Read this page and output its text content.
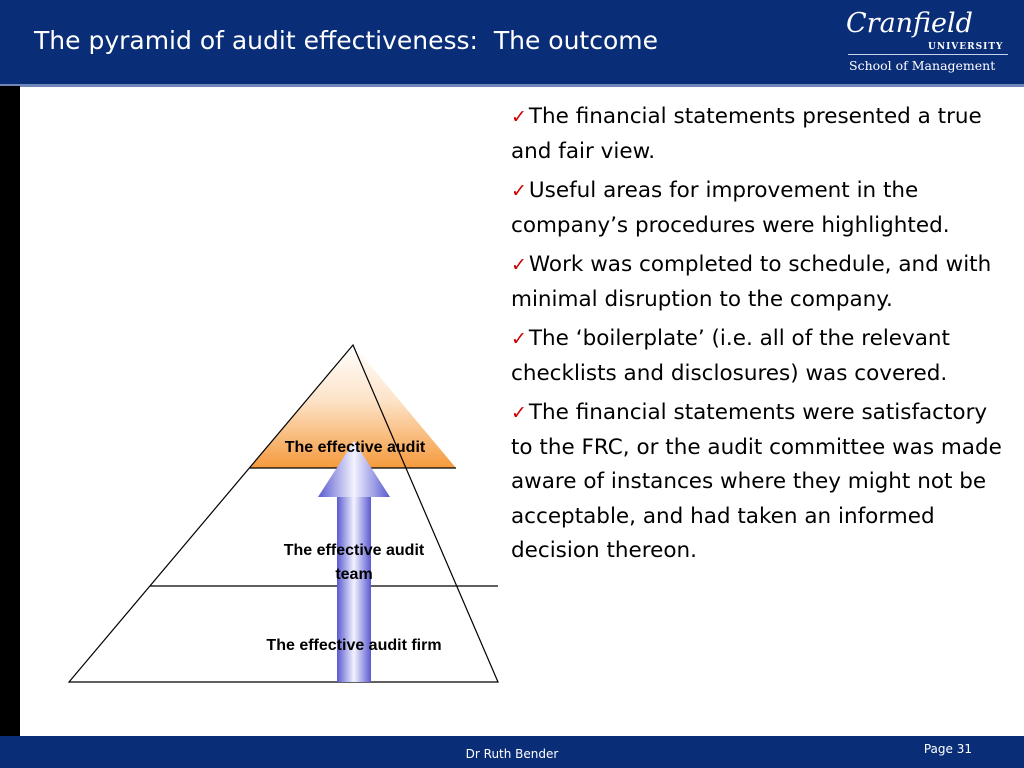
The pyramid of audit effectiveness:  The outcome
Cranfield
UNIVERSITY
School of Management
The effective audit
The effective audit
team
The effective audit firm
✓The financial statements presented a true and fair view.
✓Useful areas for improvement in the company’s procedures were highlighted.
✓Work was completed to schedule, and with minimal disruption to the company.
✓The ‘boilerplate’ (i.e. all of the relevant checklists and disclosures) was covered.
✓The financial statements were satisfactory to the FRC, or the audit committee was made aware of instances where they might not be acceptable, and had taken an informed decision thereon.
Dr Ruth Bender	Page 31
